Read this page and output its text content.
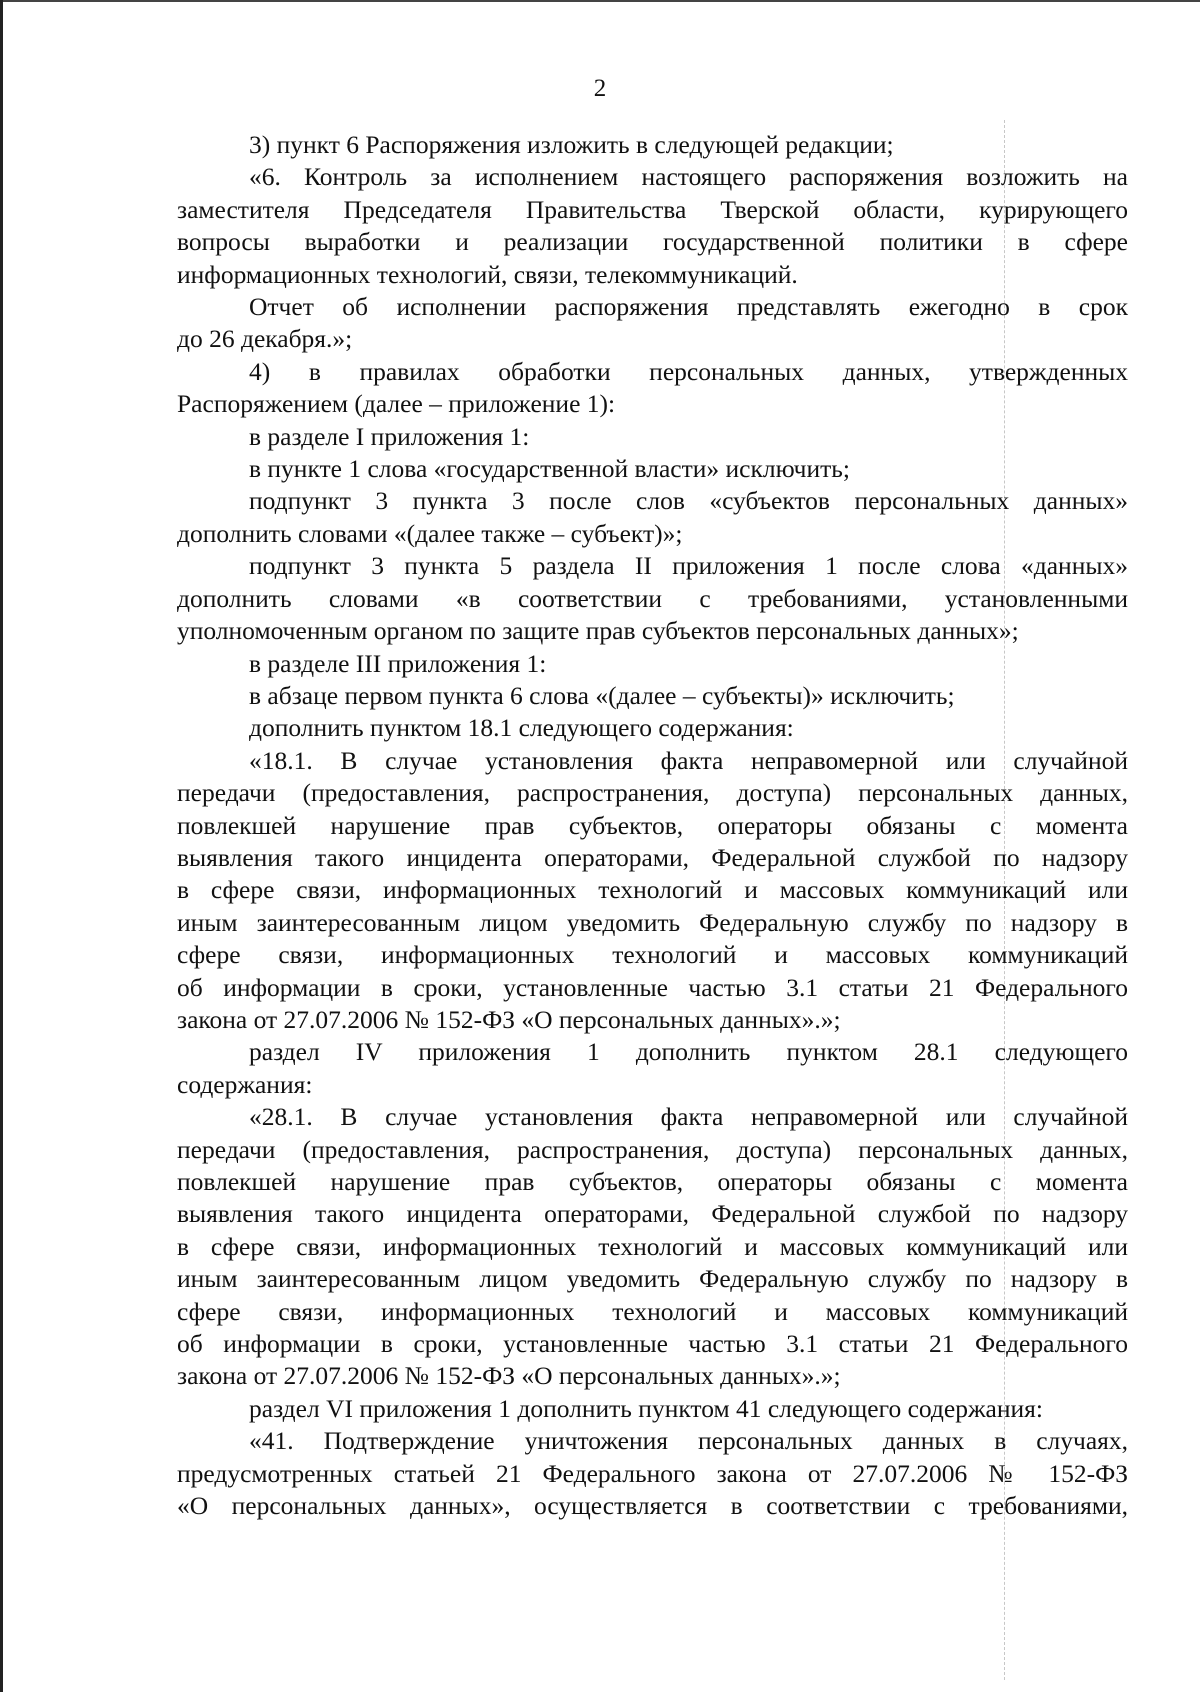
2
3) пункт 6 Распоряжения изложить в следующей редакции;
«6. Контроль за исполнением настоящего распоряжения возложить на
заместителя Председателя Правительства Тверской области, курирующего
вопросы выработки и реализации государственной политики в сфере
информационных технологий, связи, телекоммуникаций.
Отчет об исполнении распоряжения представлять ежегодно в срок
до 26 декабря.»;
4) в правилах обработки персональных данных, утвержденных
Распоряжением (далее – приложение 1):
в разделе I приложения 1:
в пункте 1 слова «государственной власти» исключить;
подпункт 3 пункта 3 после слов «субъектов персональных данных»
дополнить словами «(далее также – субъект)»;
подпункт 3 пункта 5 раздела II приложения 1 после слова «данных»
дополнить словами «в соответствии с требованиями, установленными
уполномоченным органом по защите прав субъектов персональных данных»;
в разделе III приложения 1:
в абзаце первом пункта 6 слова «(далее – субъекты)» исключить;
дополнить пунктом 18.1 следующего содержания:
«18.1. В случае установления факта неправомерной или случайной
передачи (предоставления, распространения, доступа) персональных данных,
повлекшей нарушение прав субъектов, операторы обязаны с момента
выявления такого инцидента операторами, Федеральной службой по надзору
в сфере связи, информационных технологий и массовых коммуникаций или
иным заинтересованным лицом уведомить Федеральную службу по надзору в
сфере связи, информационных технологий и массовых коммуникаций
об информации в сроки, установленные частью 3.1 статьи 21 Федерального
закона от 27.07.2006 № 152-ФЗ «О персональных данных».»;
раздел IV приложения 1 дополнить пунктом 28.1 следующего
содержания:
«28.1. В случае установления факта неправомерной или случайной
передачи (предоставления, распространения, доступа) персональных данных,
повлекшей нарушение прав субъектов, операторы обязаны с момента
выявления такого инцидента операторами, Федеральной службой по надзору
в сфере связи, информационных технологий и массовых коммуникаций или
иным заинтересованным лицом уведомить Федеральную службу по надзору в
сфере связи, информационных технологий и массовых коммуникаций
об информации в сроки, установленные частью 3.1 статьи 21 Федерального
закона от 27.07.2006 № 152-ФЗ «О персональных данных».»;
раздел VI приложения 1 дополнить пунктом 41 следующего содержания:
«41. Подтверждение уничтожения персональных данных в случаях,
предусмотренных статьей 21 Федерального закона от 27.07.2006 № 152-ФЗ
«О персональных данных», осуществляется в соответствии с требованиями,
